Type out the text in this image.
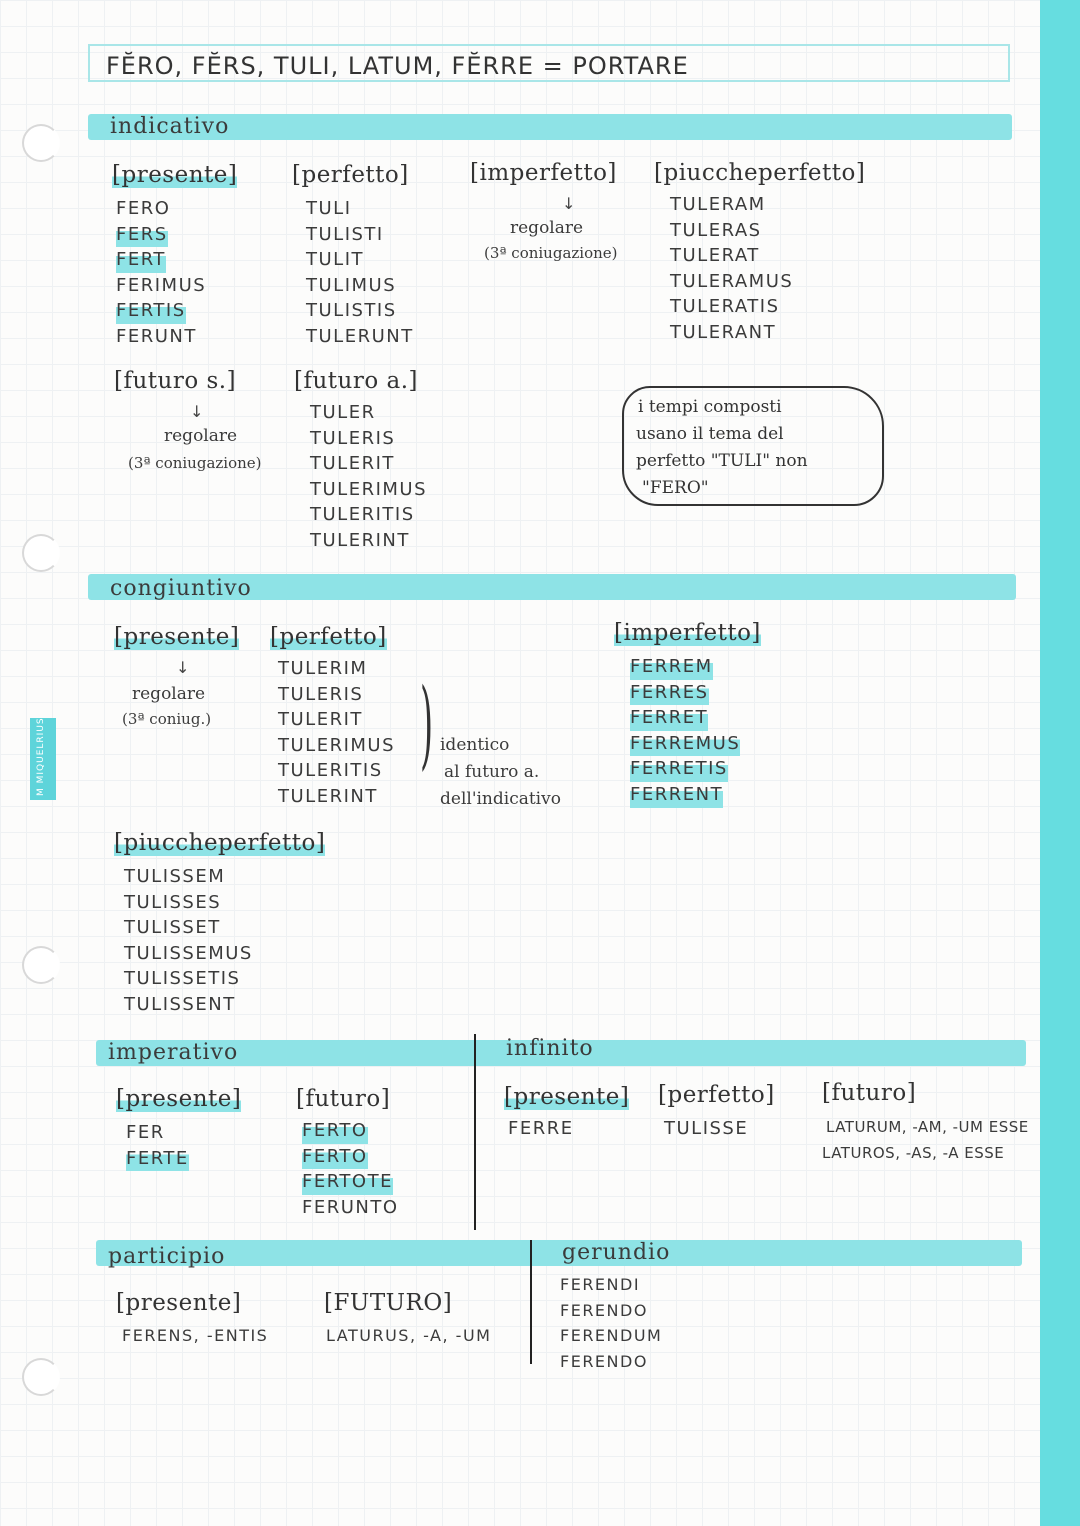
M MIQUELRIUS
FĔRO, FĔRS, TULI, LATUM, FĔRRE = PORTARE
indicativo
[presente]
FERO
FERS
FERT
FERIMUS
FERTIS
FERUNT
[perfetto]
TULI
TULISTI
TULIT
TULIMUS
TULISTIS
TULERUNT
[imperfetto]
↓
regolare
(3ª coniugazione)
[piuccheperfetto]
TULERAM
TULERAS
TULERAT
TULERAMUS
TULERATIS
TULERANT
[futuro s.]
↓
regolare
(3ª coniugazione)
[futuro a.]
TULER
TULERIS
TULERIT
TULERIMUS
TULERITIS
TULERINT
i tempi composti
usano il tema del
perfetto "TULI" non
"FERO"
congiuntivo
[presente]
↓
regolare
(3ª coniug.)
[perfetto]
TULERIM
TULERIS
TULERIT
TULERIMUS
TULERITIS
TULERINT
) identico
al futuro a.
dell'indicativo
[imperfetto]
FERREM
FERRES
FERRET
FERREMUS
FERRETIS
FERRENT
[piuccheperfetto]
TULISSEM
TULISSES
TULISSET
TULISSEMUS
TULISSETIS
TULISSENT
imperativo	infinito
[presente]
FER
FERTE
[futuro]
FERTO
FERTO
FERTOTE
FERUNTO
[presente]
FERRE
[perfetto]
TULISSE
[futuro]
LATURUM, -AM, -UM ESSE
LATUROS, -AS, -A ESSE
participio	gerundio
[presente]
FERENS, -ENTIS
[FUTURO]
LATURUS, -A, -UM
FERENDI
FERENDO
FERENDUM
FERENDO
